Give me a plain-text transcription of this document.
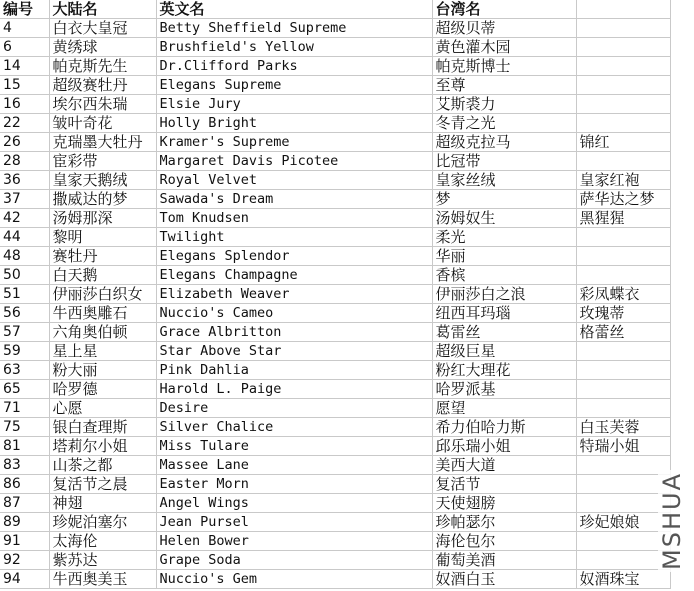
编号	大陆名	英文名	台湾名	
4	白衣大皇冠	Betty Sheffield Supreme	超级贝蒂	
6	黄绣球	Brushfield's Yellow	黄色灌木园	
14	帕克斯先生	Dr.Clifford Parks	帕克斯博士	
15	超级赛牡丹	Elegans Supreme	至尊	
16	埃尔西朱瑞	Elsie Jury	艾斯裘力	
22	皱叶奇花	Holly Bright	冬青之光	
26	克瑞墨大牡丹	Kramer's Supreme	超级克拉马	锦红
28	宦彩带	Margaret Davis Picotee	比冠带	
36	皇家天鹅绒	Royal Velvet	皇家丝绒	皇家红袍
37	撒威达的梦	Sawada's Dream	梦	萨华达之梦
42	汤姆那深	Tom Knudsen	汤姆奴生	黑猩猩
44	黎明	Twilight	柔光	
48	赛牡丹	Elegans Splendor	华丽	
50	白天鹅	Elegans Champagne	香槟	
51	伊丽莎白织女	Elizabeth Weaver	伊丽莎白之浪	彩凤蝶衣
56	牛西奥雕石	Nuccio's Cameo	纽西耳玛瑙	玫瑰蒂
57	六角奥伯顿	Grace Albritton	葛雷丝	格蕾丝
59	星上星	Star Above Star	超级巨星	
63	粉大丽	Pink Dahlia	粉红大理花	
65	哈罗德	Harold L. Paige	哈罗派基	
71	心愿	Desire	愿望	
75	银白查理斯	Silver Chalice	希力伯哈力斯	白玉芙蓉
81	塔莉尔小姐	Miss Tulare	邱乐瑞小姐	特瑞小姐
83	山茶之都	Massee Lane	美西大道	
86	复活节之晨	Easter Morn	复活节	
87	神翅	Angel Wings	天使翅膀	
89	珍妮泊塞尔	Jean Pursel	珍帕瑟尔	珍妃娘娘
91	太海伦	Helen Bower	海伦包尔	
92	紫苏达	Grape Soda	葡萄美酒	
94	牛西奥美玉	Nuccio's Gem	奴酒白玉	奴酒珠宝
MSHUA
